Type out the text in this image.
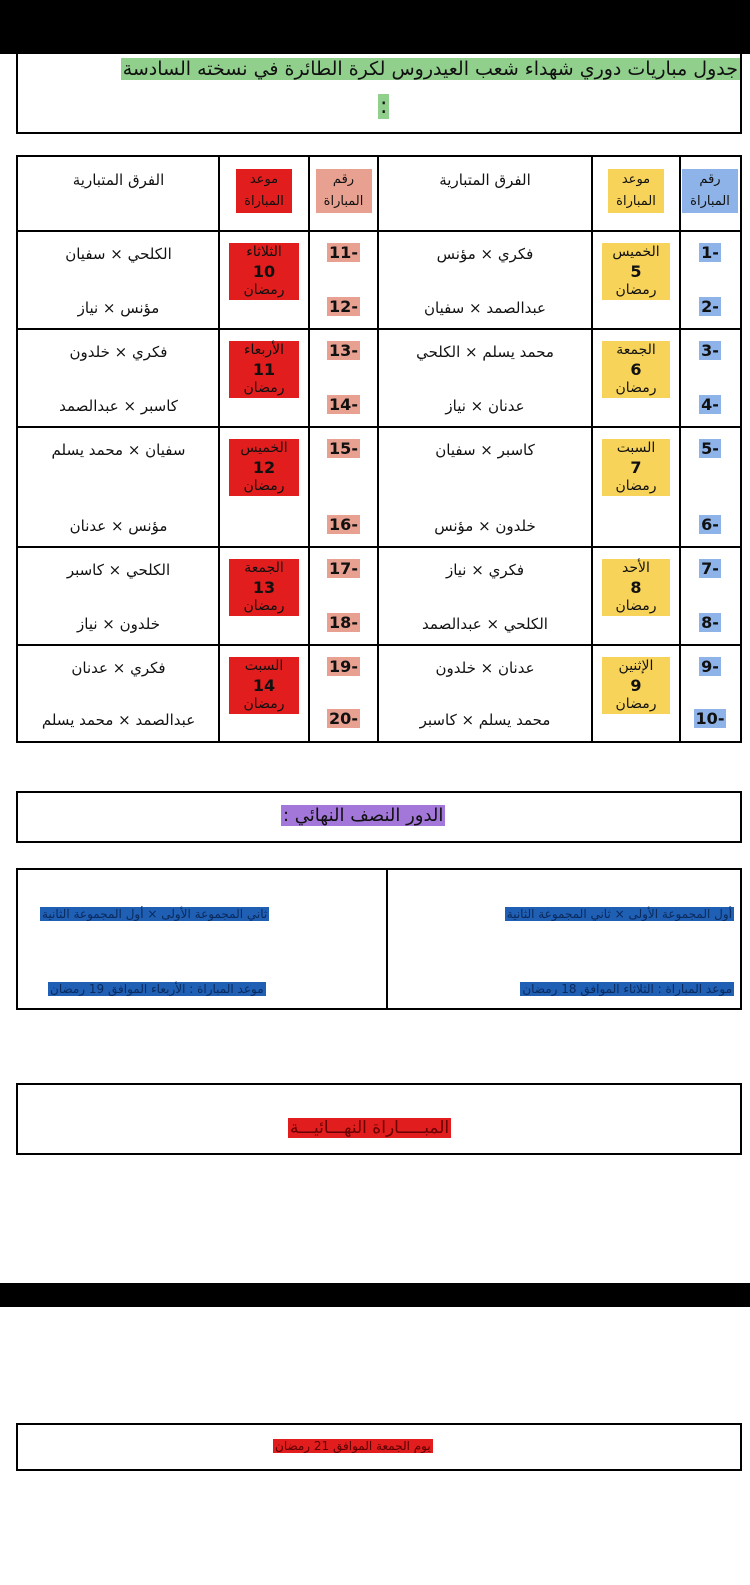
جدول مباريات دوري شهداء شعب العيدروس لكرة الطائرة في نسخته السادسة
:
رقم المباراة
موعد المباراة
الفرق المتبارية
رقم المباراة
موعد المباراة
الفرق المتبارية
الخميس
5
رمضان
1-
فكري × مؤنس
2-
عبدالصمد × سفيان
الجمعة
6
رمضان
3-
محمد يسلم × الكلحي
4-
عدنان × نياز
السبت
7
رمضان
5-
كاسبر × سفيان
6-
خلدون × مؤنس
الأحد
8
رمضان
7-
فكري × نياز
8-
الكلحي × عبدالصمد
الإثنين
9
رمضان
9-
عدنان × خلدون
10-
محمد يسلم × كاسبر
الثلاثاء
10
رمضان
11-
الكلحي × سفيان
12-
مؤنس × نياز
الأربعاء
11
رمضان
13-
فكري × خلدون
14-
كاسبر × عبدالصمد
الخميس
12
رمضان
15-
سفيان × محمد يسلم
16-
مؤنس × عدنان
الجمعة
13
رمضان
17-
الكلحي × كاسبر
18-
خلدون × نياز
السبت
14
رمضان
19-
فكري × عدنان
20-
عبدالصمد × محمد يسلم
الدور النصف النهائي :
أول المجموعة الأولى × ثاني المجموعة الثانية
موعد المباراة : الثلاثاء الموافق 18 رمضان
ثاني المجموعة الأولى × أول المجموعة الثانية
موعد المباراة : الأربعاء الموافق 19 رمضان
المبـــــاراة النهـــائيـــة
يوم الجمعة الموافق 21 رمضان
